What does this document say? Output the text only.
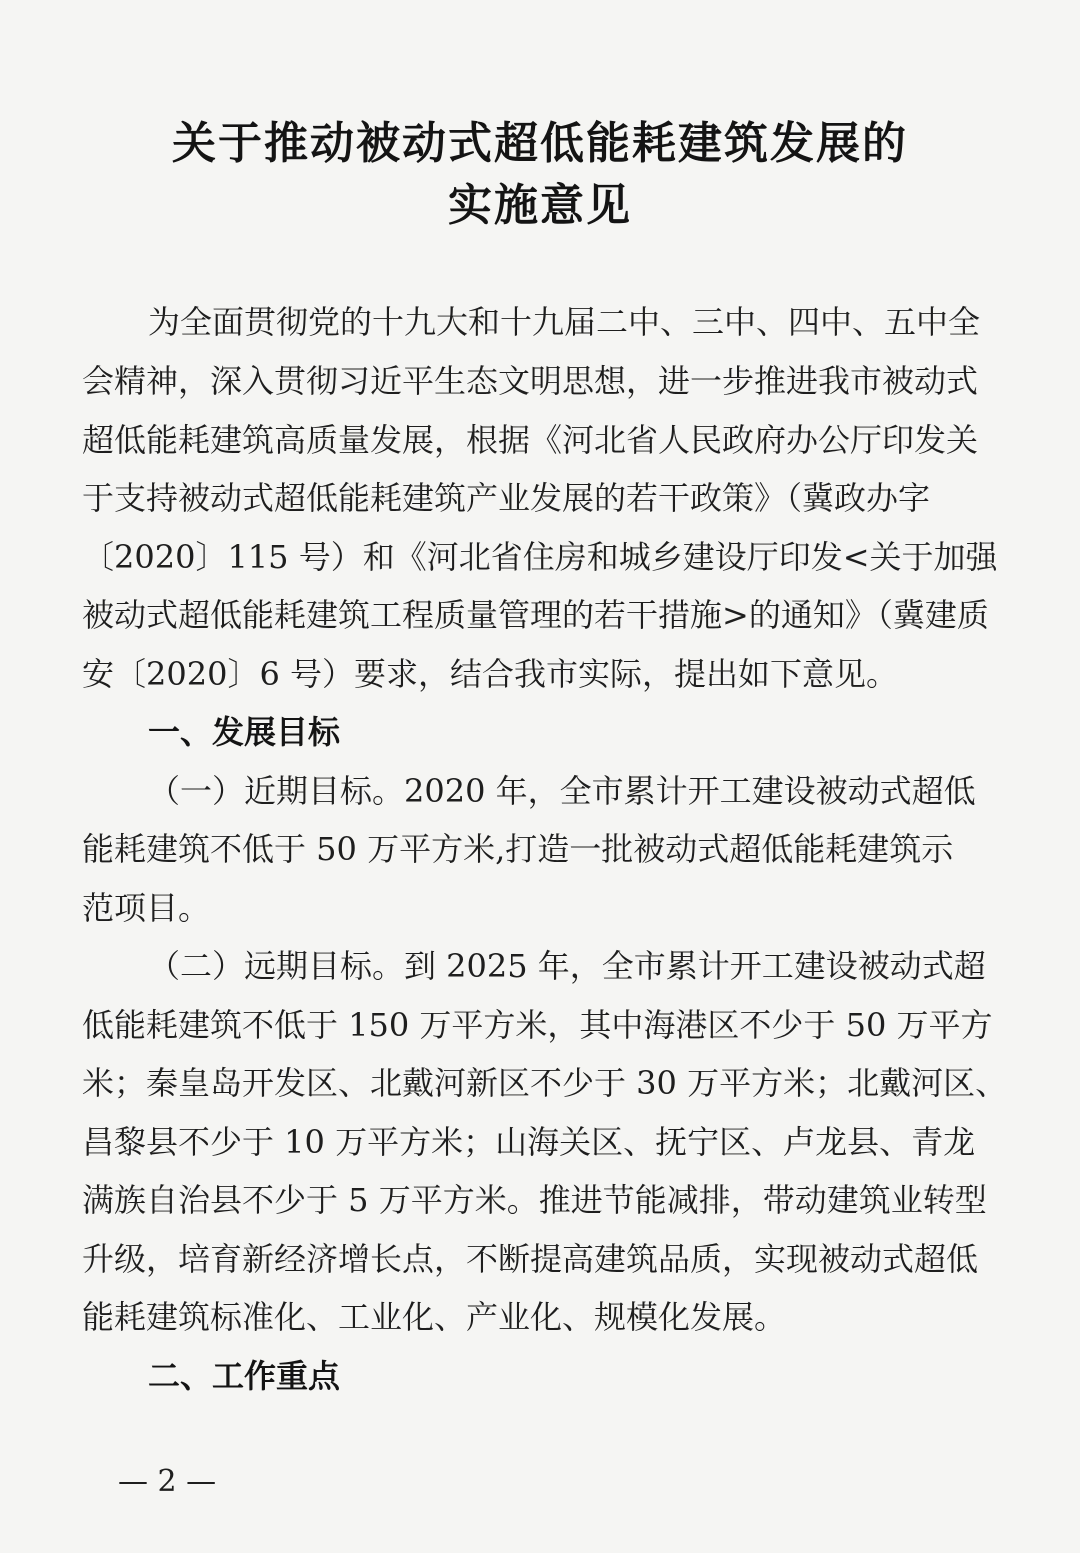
关于推动被动式超低能耗建筑发展的
实施意见
为全面贯彻党的十九大和十九届二中、三中、四中、五中全
会精神，深入贯彻习近平生态文明思想，进一步推进我市被动式
超低能耗建筑高质量发展，根据《河北省人民政府办公厅印发关
于支持被动式超低能耗建筑产业发展的若干政策》（冀政办字
〔2020〕115 号）和《河北省住房和城乡建设厅印发<关于加强
被动式超低能耗建筑工程质量管理的若干措施>的通知》（冀建质
安〔2020〕6 号）要求，结合我市实际，提出如下意见。
一、发展目标
（一）近期目标。2020 年，全市累计开工建设被动式超低
能耗建筑不低于 50 万平方米,打造一批被动式超低能耗建筑示
范项目。
（二）远期目标。到 2025 年，全市累计开工建设被动式超
低能耗建筑不低于 150 万平方米，其中海港区不少于 50 万平方
米；秦皇岛开发区、北戴河新区不少于 30 万平方米；北戴河区、
昌黎县不少于 10 万平方米；山海关区、抚宁区、卢龙县、青龙
满族自治县不少于 5 万平方米。推进节能减排，带动建筑业转型
升级，培育新经济增长点，不断提高建筑品质，实现被动式超低
能耗建筑标准化、工业化、产业化、规模化发展。
二、工作重点
— 2 —
